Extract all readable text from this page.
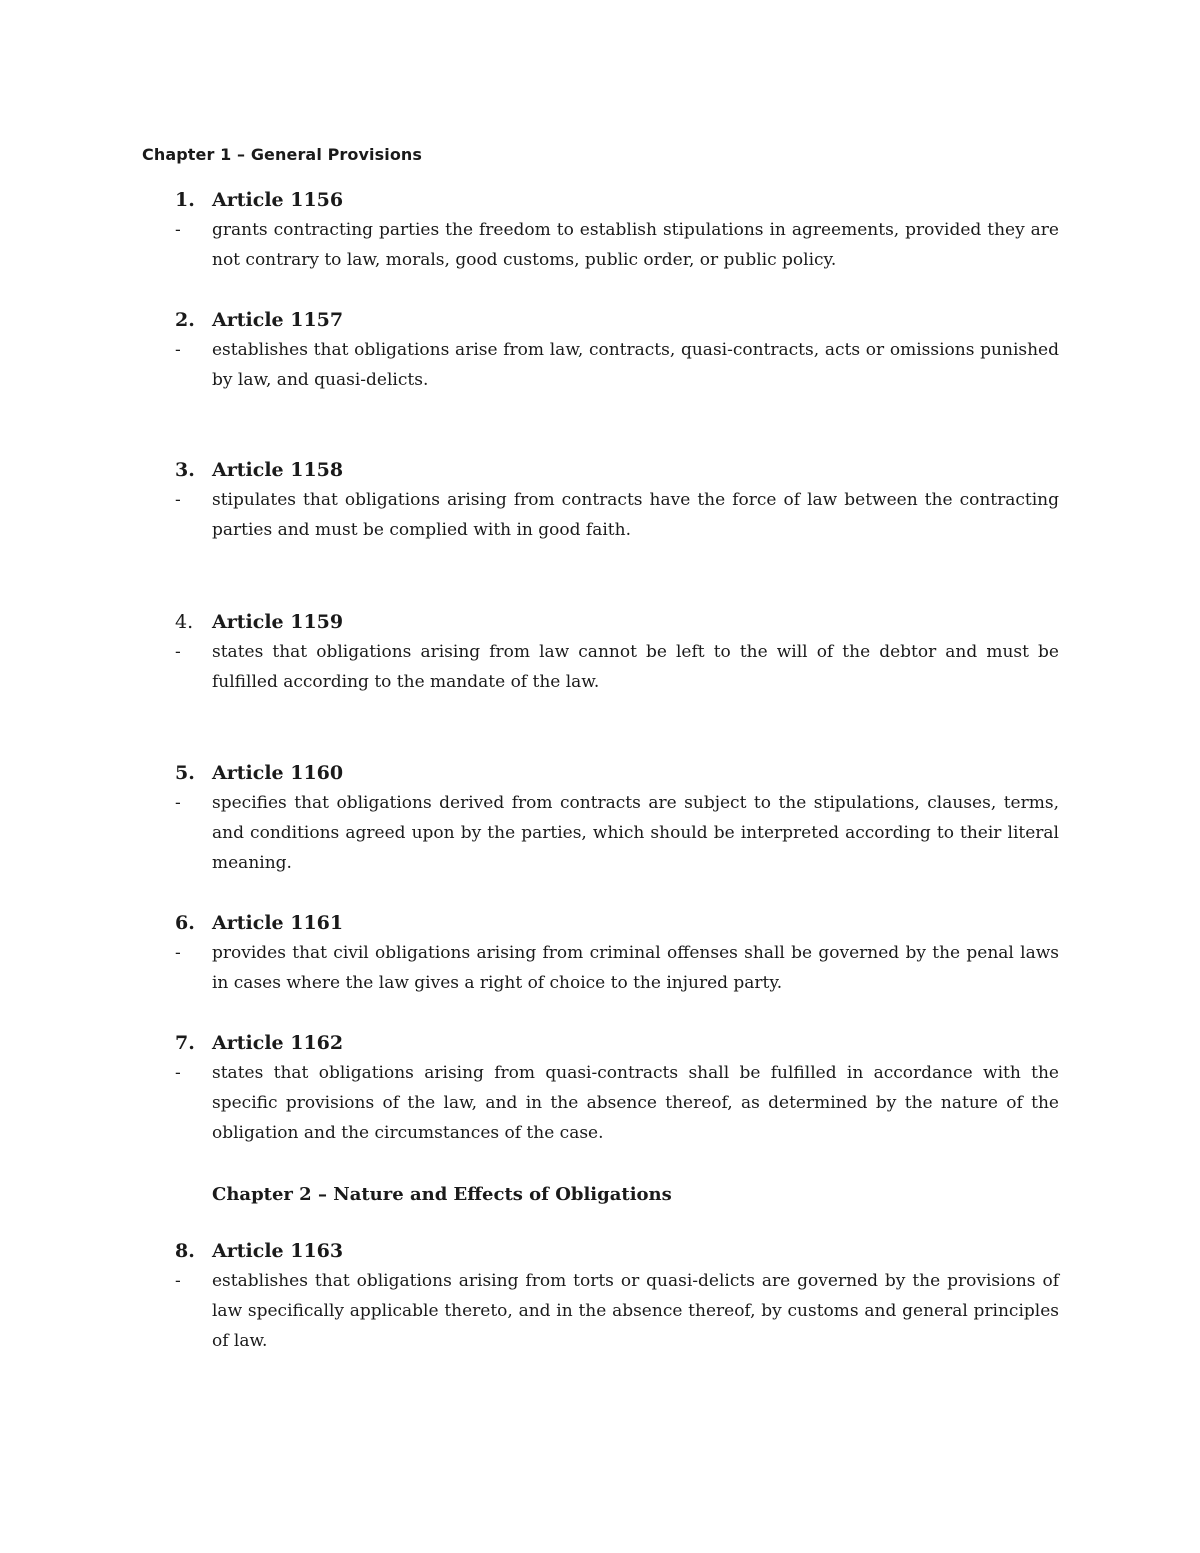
Chapter 1 – General Provisions
1. Article 1156
- grants contracting parties the freedom to establish stipulations in agreements, provided they are not contrary to law, morals, good customs, public order, or public policy.
2. Article 1157
- establishes that obligations arise from law, contracts, quasi-contracts, acts or omissions punished by law, and quasi-delicts.
3. Article 1158
- stipulates that obligations arising from contracts have the force of law between the contracting parties and must be complied with in good faith.
4. Article 1159
- states that obligations arising from law cannot be left to the will of the debtor and must be fulfilled according to the mandate of the law.
5. Article 1160
- specifies that obligations derived from contracts are subject to the stipulations, clauses, terms, and conditions agreed upon by the parties, which should be interpreted according to their literal meaning.
6. Article 1161
- provides that civil obligations arising from criminal offenses shall be governed by the penal laws in cases where the law gives a right of choice to the injured party.
7. Article 1162
- states that obligations arising from quasi-contracts shall be fulfilled in accordance with the specific provisions of the law, and in the absence thereof, as determined by the nature of the obligation and the circumstances of the case.
Chapter 2 – Nature and Effects of Obligations
8. Article 1163
- establishes that obligations arising from torts or quasi-delicts are governed by the provisions of law specifically applicable thereto, and in the absence thereof, by customs and general principles of law.
